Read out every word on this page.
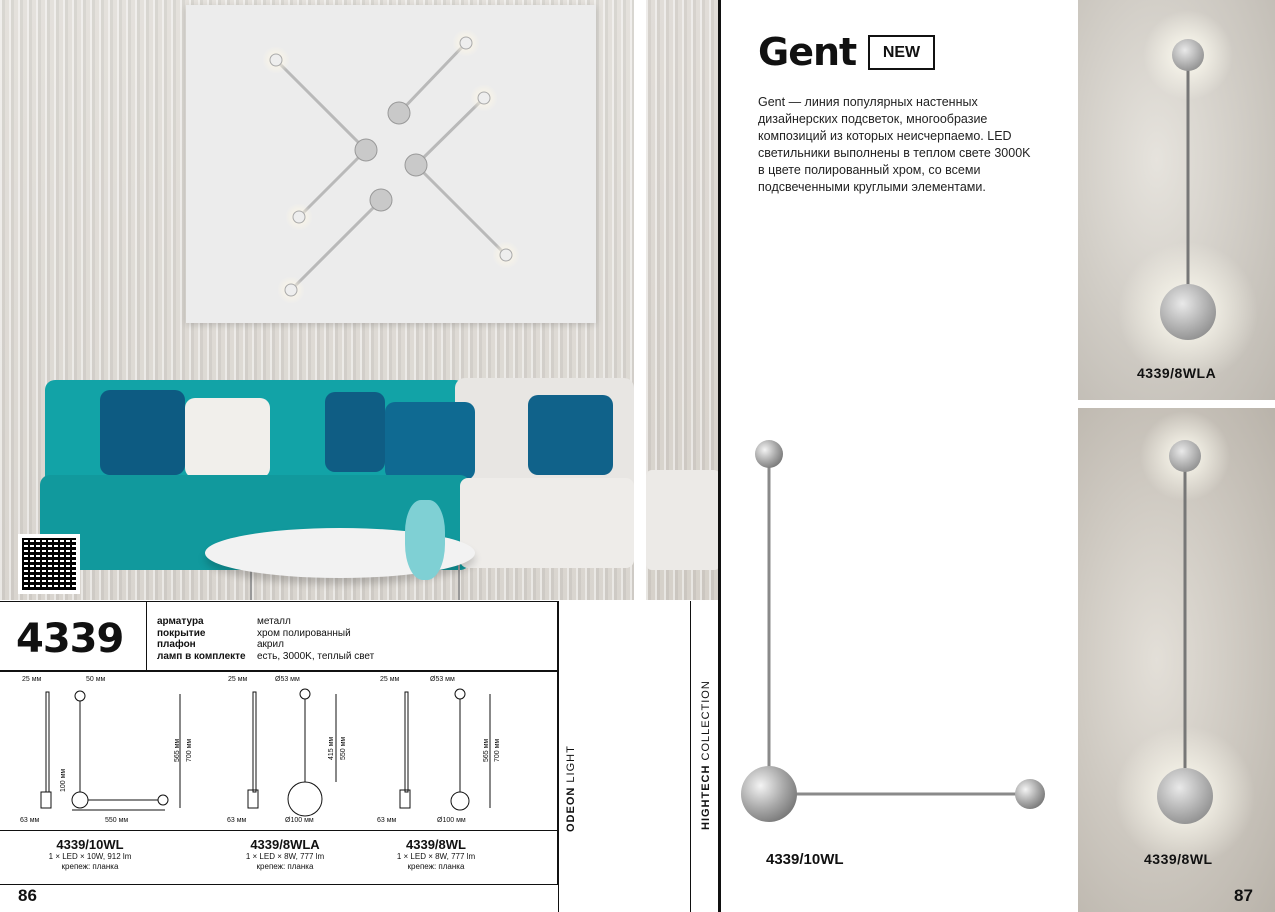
4339	арматура	металл
покрытие	хром полированный
плафон	акрил
ламп в комплекте	есть, 3000K, теплый свет
25 мм	50 мм
100 мм
565 мм 700 мм
63 мм	550 мм
25 мм	Ø53 мм
415 мм 550 мм
63 мм	Ø100 мм
25 мм	Ø53 мм
565 мм 700 мм
63 мм	Ø100 мм
4339/10WL
1 × LED × 10W, 912 lm
крепеж: планка
4339/8WLA
1 × LED × 8W, 777 lm
крепеж: планка
4339/8WL
1 × LED × 8W, 777 lm
крепеж: планка
ODEON LIGHT
HIGHTECH COLLECTION
86
Gent	NEW
Gent — линия популярных настенных дизайнерских подсветок, многообразие композиций из которых неисчерпаемо. LED светильники выполнены в теплом свете 3000K в цвете полированный хром, со всеми подсвеченными круглыми элементами.
4339/10WL
4339/8WLA
4339/8WL
87
